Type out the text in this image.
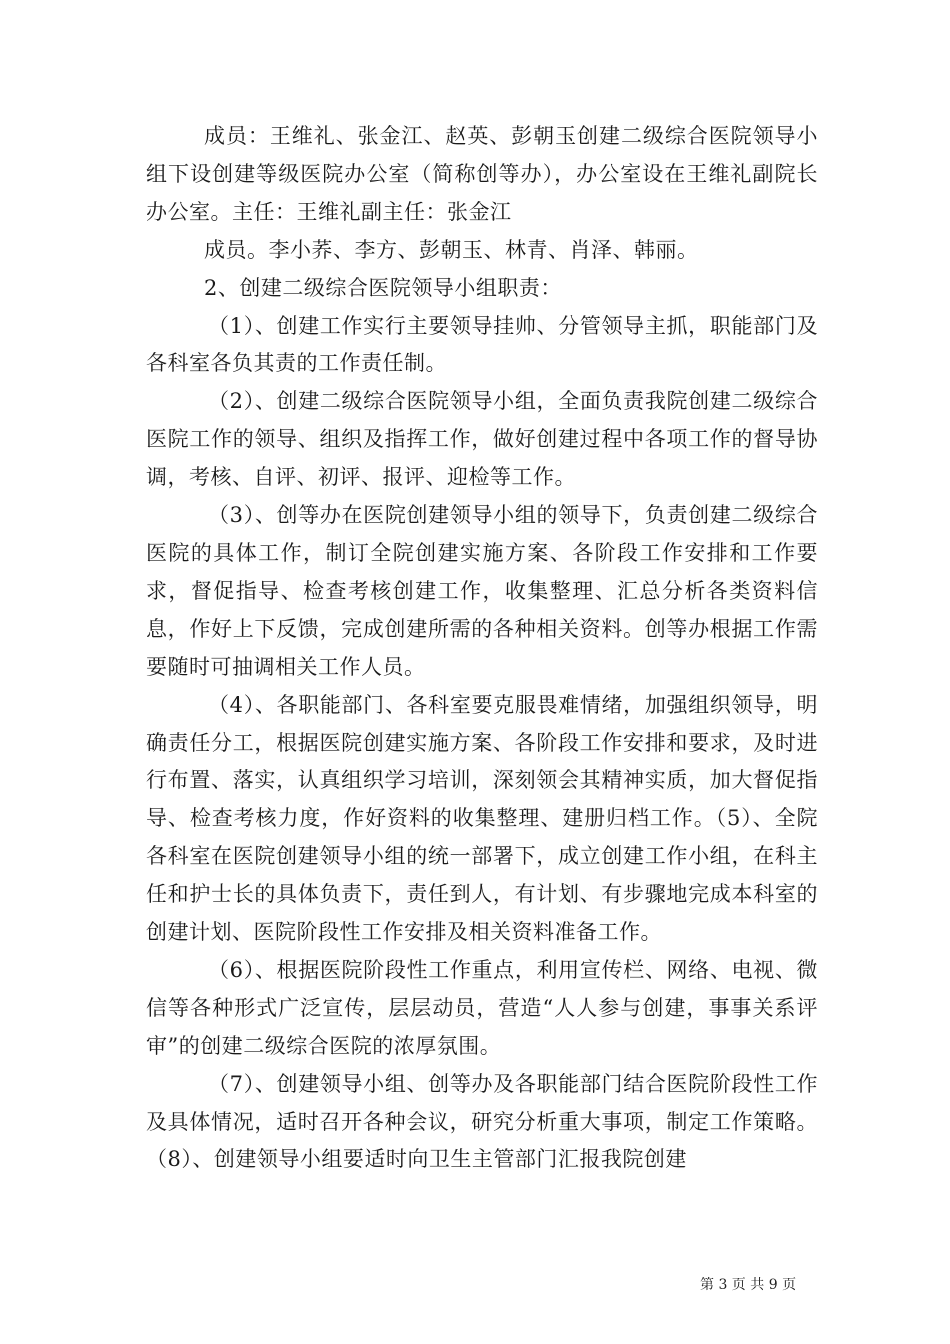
成员：王维礼、张金江、赵英、彭朝玉创建二级综合医院领导小组下设创建等级医院办公室（简称创等办），办公室设在王维礼副院长办公室。主任：王维礼副主任：张金江

成员。李小荞、李方、彭朝玉、林青、肖泽、韩丽。

2、创建二级综合医院领导小组职责：

（1）、创建工作实行主要领导挂帅、分管领导主抓，职能部门及各科室各负其责的工作责任制。

（2）、创建二级综合医院领导小组，全面负责我院创建二级综合医院工作的领导、组织及指挥工作，做好创建过程中各项工作的督导协调，考核、自评、初评、报评、迎检等工作。

（3）、创等办在医院创建领导小组的领导下，负责创建二级综合医院的具体工作，制订全院创建实施方案、各阶段工作安排和工作要求，督促指导、检查考核创建工作，收集整理、汇总分析各类资料信息，作好上下反馈，完成创建所需的各种相关资料。创等办根据工作需要随时可抽调相关工作人员。

（4）、各职能部门、各科室要克服畏难情绪，加强组织领导，明确责任分工，根据医院创建实施方案、各阶段工作安排和要求，及时进行布置、落实，认真组织学习培训，深刻领会其精神实质，加大督促指导、检查考核力度，作好资料的收集整理、建册归档工作。（5）、全院各科室在医院创建领导小组的统一部署下，成立创建工作小组，在科主任和护士长的具体负责下，责任到人，有计划、有步骤地完成本科室的创建计划、医院阶段性工作安排及相关资料准备工作。

（6）、根据医院阶段性工作重点，利用宣传栏、网络、电视、微信等各种形式广泛宣传，层层动员，营造“人人参与创建，事事关系评审”的创建二级综合医院的浓厚氛围。

（7）、创建领导小组、创等办及各职能部门结合医院阶段性工作及具体情况，适时召开各种会议，研究分析重大事项，制定工作策略。（8）、创建领导小组要适时向卫生主管部门汇报我院创建

第 3 页 共 9 页
